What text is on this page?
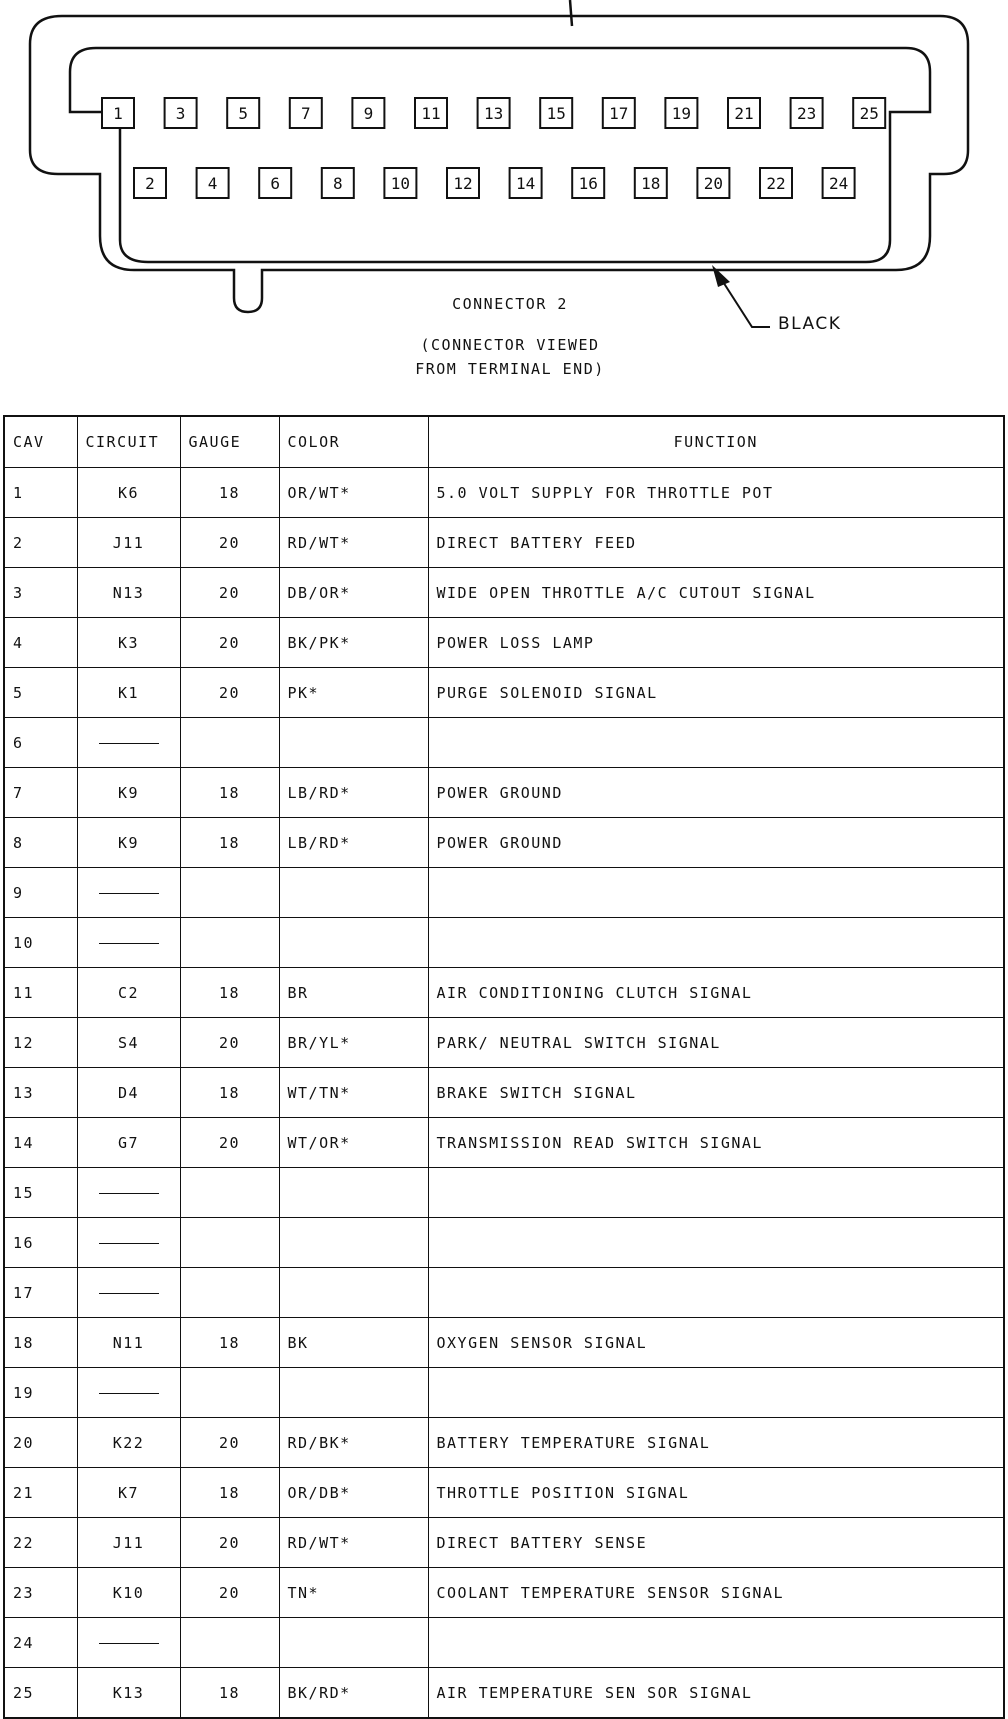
1	3	5	7	9	11	13	15	17	19	21	23	25
2	4	6	8	10	12	14	16	18	20	22	24
CONNECTOR 2
(CONNECTOR VIEWED
FROM TERMINAL END)
BLACK
CAV	CIRCUIT	GAUGE	COLOR	FUNCTION
1	K6	18	OR/WT*	5.0 VOLT SUPPLY FOR THROTTLE POT
2	J11	20	RD/WT*	DIRECT BATTERY FEED
3	N13	20	DB/OR*	WIDE OPEN THROTTLE A/C CUTOUT SIGNAL
4	K3	20	BK/PK*	POWER LOSS LAMP
5	K1	20	PK*	PURGE SOLENOID SIGNAL
6				
7	K9	18	LB/RD*	POWER GROUND
8	K9	18	LB/RD*	POWER GROUND
9				
10				
11	C2	18	BR	AIR CONDITIONING CLUTCH SIGNAL
12	S4	20	BR/YL*	PARK/ NEUTRAL SWITCH SIGNAL
13	D4	18	WT/TN*	BRAKE SWITCH SIGNAL
14	G7	20	WT/OR*	TRANSMISSION READ SWITCH SIGNAL
15				
16				
17				
18	N11	18	BK	OXYGEN SENSOR SIGNAL
19				
20	K22	20	RD/BK*	BATTERY TEMPERATURE SIGNAL
21	K7	18	OR/DB*	THROTTLE POSITION SIGNAL
22	J11	20	RD/WT*	DIRECT BATTERY SENSE
23	K10	20	TN*	COOLANT TEMPERATURE SENSOR SIGNAL
24				
25	K13	18	BK/RD*	AIR TEMPERATURE SEN SOR SIGNAL
